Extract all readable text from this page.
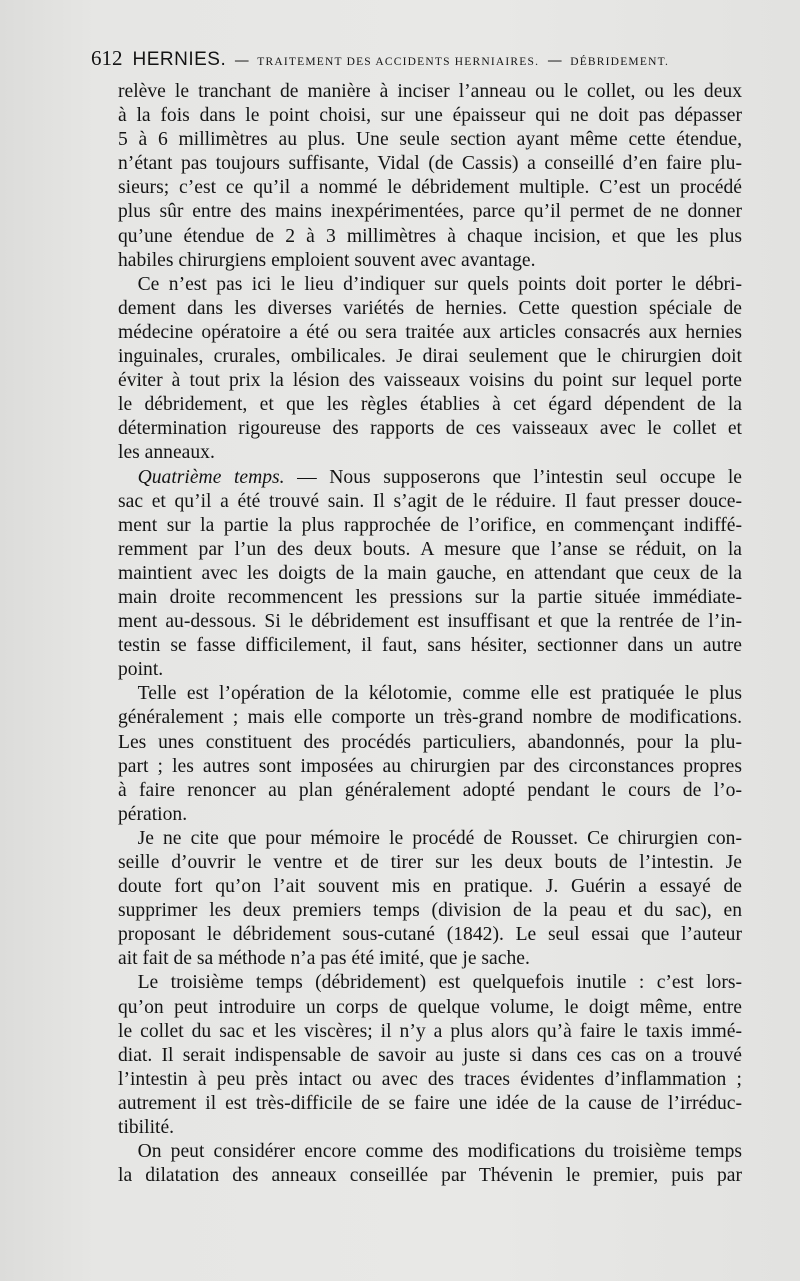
612 HERNIES. — TRAITEMENT DES ACCIDENTS HERNIAIRES. — DÉBRIDEMENT.
relève le tranchant de manière à inciser l’anneau ou le collet, ou les deux
à la fois dans le point choisi, sur une épaisseur qui ne doit pas dépasser
5 à 6 millimètres au plus. Une seule section ayant même cette étendue,
n’étant pas toujours suffisante, Vidal (de Cassis) a conseillé d’en faire plu-
sieurs; c’est ce qu’il a nommé le débridement multiple. C’est un procédé
plus sûr entre des mains inexpérimentées, parce qu’il permet de ne donner
qu’une étendue de 2 à 3 millimètres à chaque incision, et que les plus
habiles chirurgiens emploient souvent avec avantage.
Ce n’est pas ici le lieu d’indiquer sur quels points doit porter le débri-
dement dans les diverses variétés de hernies. Cette question spéciale de
médecine opératoire a été ou sera traitée aux articles consacrés aux hernies
inguinales, crurales, ombilicales. Je dirai seulement que le chirurgien doit
éviter à tout prix la lésion des vaisseaux voisins du point sur lequel porte
le débridement, et que les règles établies à cet égard dépendent de la
détermination rigoureuse des rapports de ces vaisseaux avec le collet et
les anneaux.
Quatrième temps. — Nous supposerons que l’intestin seul occupe le
sac et qu’il a été trouvé sain. Il s’agit de le réduire. Il faut presser douce-
ment sur la partie la plus rapprochée de l’orifice, en commençant indiffé-
remment par l’un des deux bouts. A mesure que l’anse se réduit, on la
maintient avec les doigts de la main gauche, en attendant que ceux de la
main droite recommencent les pressions sur la partie située immédiate-
ment au-dessous. Si le débridement est insuffisant et que la rentrée de l’in-
testin se fasse difficilement, il faut, sans hésiter, sectionner dans un autre
point.
Telle est l’opération de la kélotomie, comme elle est pratiquée le plus
généralement ; mais elle comporte un très-grand nombre de modifications.
Les unes constituent des procédés particuliers, abandonnés, pour la plu-
part ; les autres sont imposées au chirurgien par des circonstances propres
à faire renoncer au plan généralement adopté pendant le cours de l’o-
pération.
Je ne cite que pour mémoire le procédé de Rousset. Ce chirurgien con-
seille d’ouvrir le ventre et de tirer sur les deux bouts de l’intestin. Je
doute fort qu’on l’ait souvent mis en pratique. J. Guérin a essayé de
supprimer les deux premiers temps (division de la peau et du sac), en
proposant le débridement sous-cutané (1842). Le seul essai que l’auteur
ait fait de sa méthode n’a pas été imité, que je sache.
Le troisième temps (débridement) est quelquefois inutile : c’est lors-
qu’on peut introduire un corps de quelque volume, le doigt même, entre
le collet du sac et les viscères; il n’y a plus alors qu’à faire le taxis immé-
diat. Il serait indispensable de savoir au juste si dans ces cas on a trouvé
l’intestin à peu près intact ou avec des traces évidentes d’inflammation ;
autrement il est très-difficile de se faire une idée de la cause de l’irréduc-
tibilité.
On peut considérer encore comme des modifications du troisième temps
la dilatation des anneaux conseillée par Thévenin le premier, puis par
